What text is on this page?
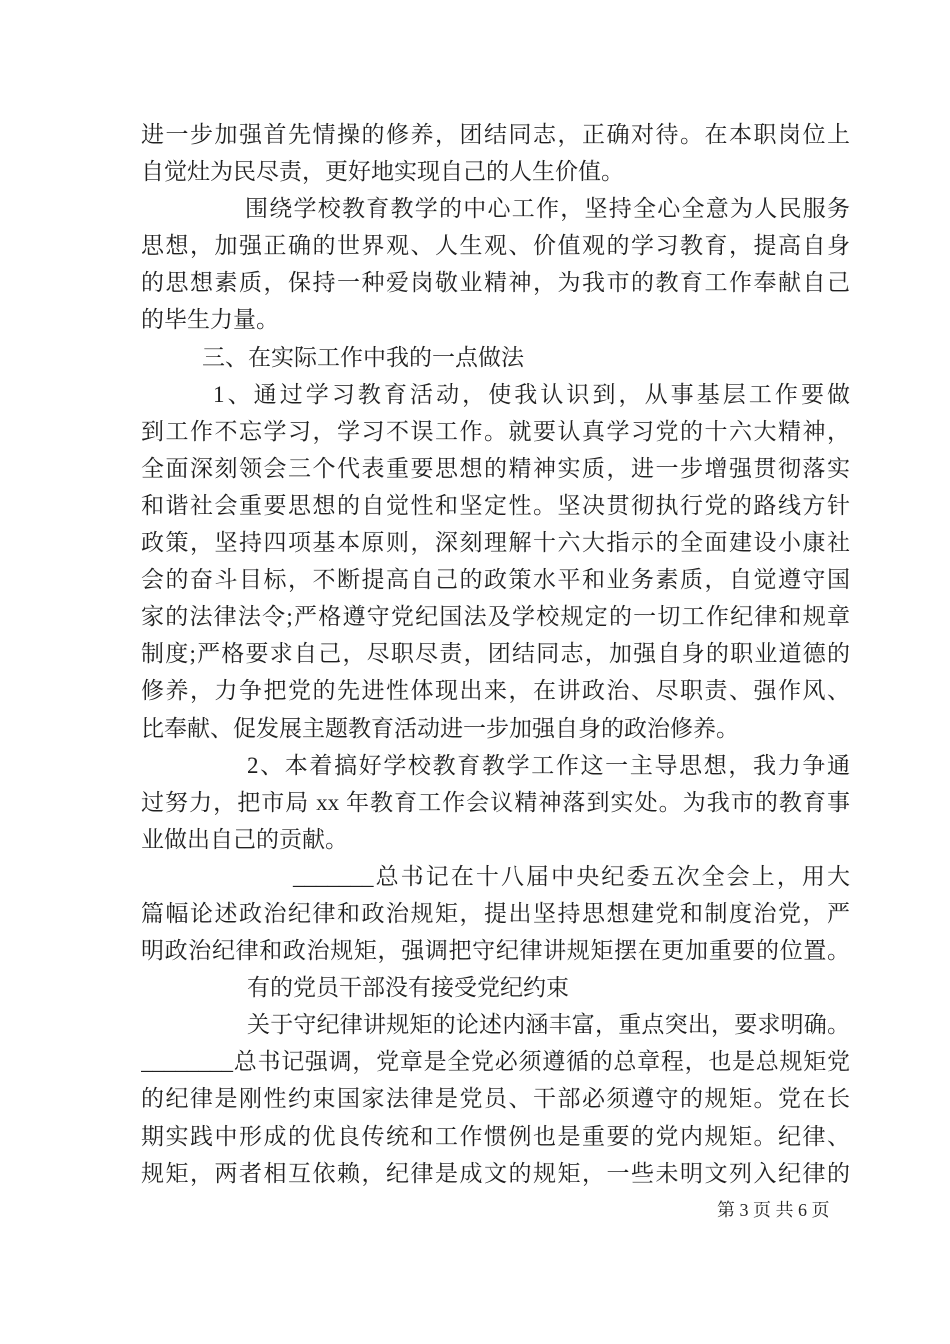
进一步加强首先情操的修养，团结同志，正确对待。在本职岗位上
自觉灶为民尽责，更好地实现自己的人生价值。
围绕学校教育教学的中心工作，坚持全心全意为人民服务
思想，加强正确的世界观、人生观、价值观的学习教育，提高自身
的思想素质，保持一种爱岗敬业精神，为我市的教育工作奉献自己
的毕生力量。
三、在实际工作中我的一点做法
1、通过学习教育活动，使我认识到，从事基层工作要做
到工作不忘学习，学习不误工作。就要认真学习党的十六大精神，
全面深刻领会三个代表重要思想的精神实质，进一步增强贯彻落实
和谐社会重要思想的自觉性和坚定性。坚决贯彻执行党的路线方针
政策，坚持四项基本原则，深刻理解十六大指示的全面建设小康社
会的奋斗目标，不断提高自己的政策水平和业务素质，自觉遵守国
家的法律法令;严格遵守党纪国法及学校规定的一切工作纪律和规章
制度;严格要求自己，尽职尽责，团结同志，加强自身的职业道德的
修养，力争把党的先进性体现出来，在讲政治、尽职责、强作风、
比奉献、促发展主题教育活动进一步加强自身的政治修养。
2、本着搞好学校教育教学工作这一主导思想，我力争通
过努力，把市局 xx 年教育工作会议精神落到实处。为我市的教育事
业做出自己的贡献。
_______总书记在十八届中央纪委五次全会上，用大
篇幅论述政治纪律和政治规矩，提出坚持思想建党和制度治党，严
明政治纪律和政治规矩，强调把守纪律讲规矩摆在更加重要的位置。
有的党员干部没有接受党纪约束
关于守纪律讲规矩的论述内涵丰富，重点突出，要求明确。
________总书记强调，党章是全党必须遵循的总章程，也是总规矩党
的纪律是刚性约束国家法律是党员、干部必须遵守的规矩。党在长
期实践中形成的优良传统和工作惯例也是重要的党内规矩。纪律、
规矩，两者相互依赖，纪律是成文的规矩，一些未明文列入纪律的
第 3 页 共 6 页
